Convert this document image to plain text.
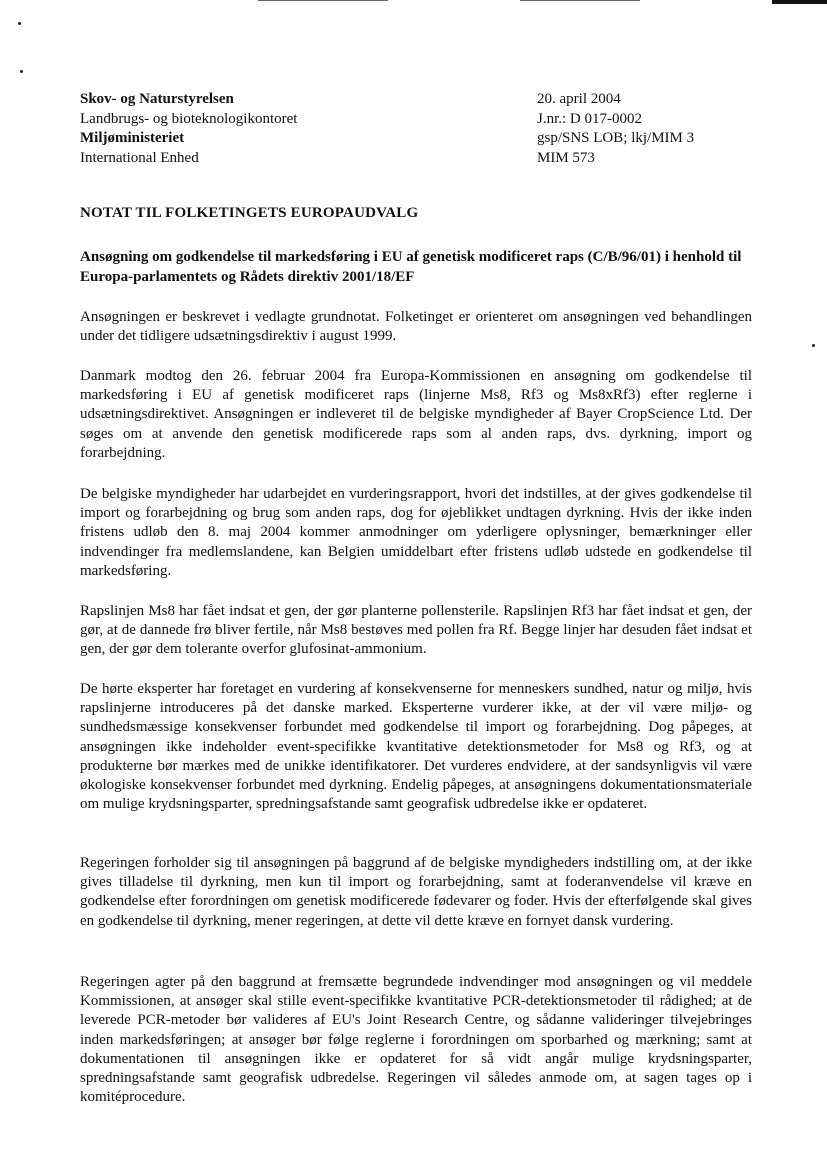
Skov- og Naturstyrelsen
Landbrugs- og bioteknologikontoret
Miljøministeriet
International Enhed
20. april 2004
J.nr.: D 017-0002
gsp/SNS LOB; lkj/MIM 3
MIM 573
NOTAT TIL FOLKETINGETS EUROPAUDVALG
Ansøgning om godkendelse til markedsføring i EU af genetisk modificeret raps (C/B/96/01) i henhold til Europa-parlamentets og Rådets direktiv 2001/18/EF
Ansøgningen er beskrevet i vedlagte grundnotat. Folketinget er orienteret om ansøgningen ved behandlingen under det tidligere udsætningsdirektiv i august 1999.
Danmark modtog den 26. februar 2004 fra Europa-Kommissionen en ansøgning om godkendelse til markedsføring i EU af genetisk modificeret raps (linjerne Ms8, Rf3 og Ms8xRf3) efter reglerne i udsætningsdirektivet. Ansøgningen er indleveret til de belgiske myndigheder af Bayer CropScience Ltd. Der søges om at anvende den genetisk modificerede raps som al anden raps, dvs. dyrkning, import og forarbejdning.
De belgiske myndigheder har udarbejdet en vurderingsrapport, hvori det indstilles, at der gives godkendelse til import og forarbejdning og brug som anden raps, dog for øjeblikket undtagen dyrkning. Hvis der ikke inden fristens udløb den 8. maj 2004 kommer anmodninger om yderligere oplysninger, bemærkninger eller indvendinger fra medlemslandene, kan Belgien umiddelbart efter fristens udløb udstede en godkendelse til markedsføring.
Rapslinjen Ms8 har fået indsat et gen, der gør planterne pollensterile. Rapslinjen Rf3 har fået indsat et gen, der gør, at de dannede frø bliver fertile, når Ms8 bestøves med pollen fra Rf. Begge linjer har desuden fået indsat et gen, der gør dem tolerante overfor glufosinat-ammonium.
De hørte eksperter har foretaget en vurdering af konsekvenserne for menneskers sundhed, natur og miljø, hvis rapslinjerne introduceres på det danske marked. Eksperterne vurderer ikke, at der vil være miljø- og sundhedsmæssige konsekvenser forbundet med godkendelse til import og forarbejdning. Dog påpeges, at ansøgningen ikke indeholder event-specifikke kvantitative detektionsmetoder for Ms8 og Rf3, og at produkterne bør mærkes med de unikke identifikatorer. Det vurderes endvidere, at der sandsynligvis vil være økologiske konsekvenser forbundet med dyrkning. Endelig påpeges, at ansøgningens dokumentationsmateriale om mulige krydsningsparter, spredningsafstande samt geografisk udbredelse ikke er opdateret.
Regeringen forholder sig til ansøgningen på baggrund af de belgiske myndigheders indstilling om, at der ikke gives tilladelse til dyrkning, men kun til import og forarbejdning, samt at foderanvendelse vil kræve en godkendelse efter forordningen om genetisk modificerede fødevarer og foder. Hvis der efterfølgende skal gives en godkendelse til dyrkning, mener regeringen, at dette vil dette kræve en fornyet dansk vurdering.
Regeringen agter på den baggrund at fremsætte begrundede indvendinger mod ansøgningen og vil meddele Kommissionen, at ansøger skal stille event-specifikke kvantitative PCR-detektionsmetoder til rådighed; at de leverede PCR-metoder bør valideres af EU's Joint Research Centre, og sådanne valideringer tilvejebringes inden markedsføringen; at ansøger bør følge reglerne i forordningen om sporbarhed og mærkning; samt at dokumentationen til ansøgningen ikke er opdateret for så vidt angår mulige krydsningsparter, spredningsafstande samt geografisk udbredelse. Regeringen vil således anmode om, at sagen tages op i komitéprocedure.
